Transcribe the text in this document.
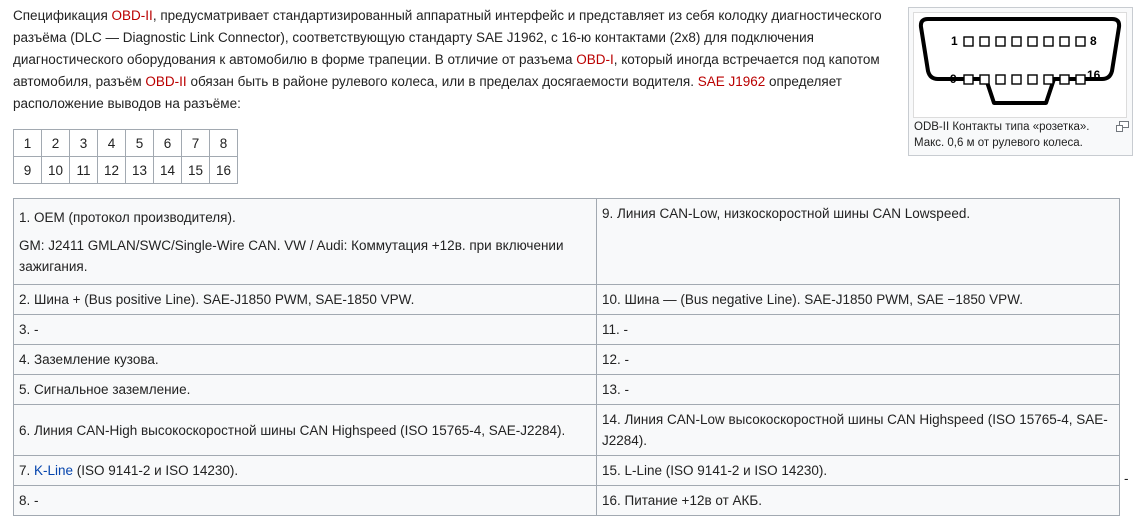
Спецификация OBD-II, предусматривает стандартизированный аппаратный интерфейс и представляет из себя колодку диагностического разъёма (DLC — Diagnostic Link Connector), соответствующую стандарту SAE J1962, с 16-ю контактами (2x8) для подключения диагностического оборудования к автомобилю в форме трапеции. В отличие от разъема OBD-I, который иногда встречается под капотом автомобиля, разъём OBD-II обязан быть в районе рулевого колеса, или в пределах досягаемости водителя. SAE J1962 определяет расположение выводов на разъёме:

1	2	3	4	5	6	7	8
9	10	11	12	13	14	15	16
1	8
9	16
ODB-II Контакты типа «розетка». Макс. 0,6 м от рулевого колеса.

1. OEM (протокол производителя).

GM: J2411 GMLAN/SWC/Single-Wire CAN. VW / Audi: Коммутация +12в. при включении зажигания.	9. Линия CAN-Low, низкоскоростной шины CAN Lowspeed.
2. Шина + (Bus positive Line). SAE-J1850 PWM, SAE-1850 VPW.	10. Шина — (Bus negative Line). SAE-J1850 PWM, SAE −1850 VPW.
3. -	11. -
4. Заземление кузова.	12. -
5. Сигнальное заземление.	13. -
6. Линия CAN-High высокоскоростной шины CAN Highspeed (ISO 15765-4, SAE-J2284).	14. Линия CAN-Low высокоскоростной шины CAN Highspeed (ISO 15765-4, SAE-J2284).
7. K-Line (ISO 9141-2 и ISO 14230).	15. L-Line (ISO 9141-2 и ISO 14230).
8. -	16. Питание +12в от АКБ.
-
